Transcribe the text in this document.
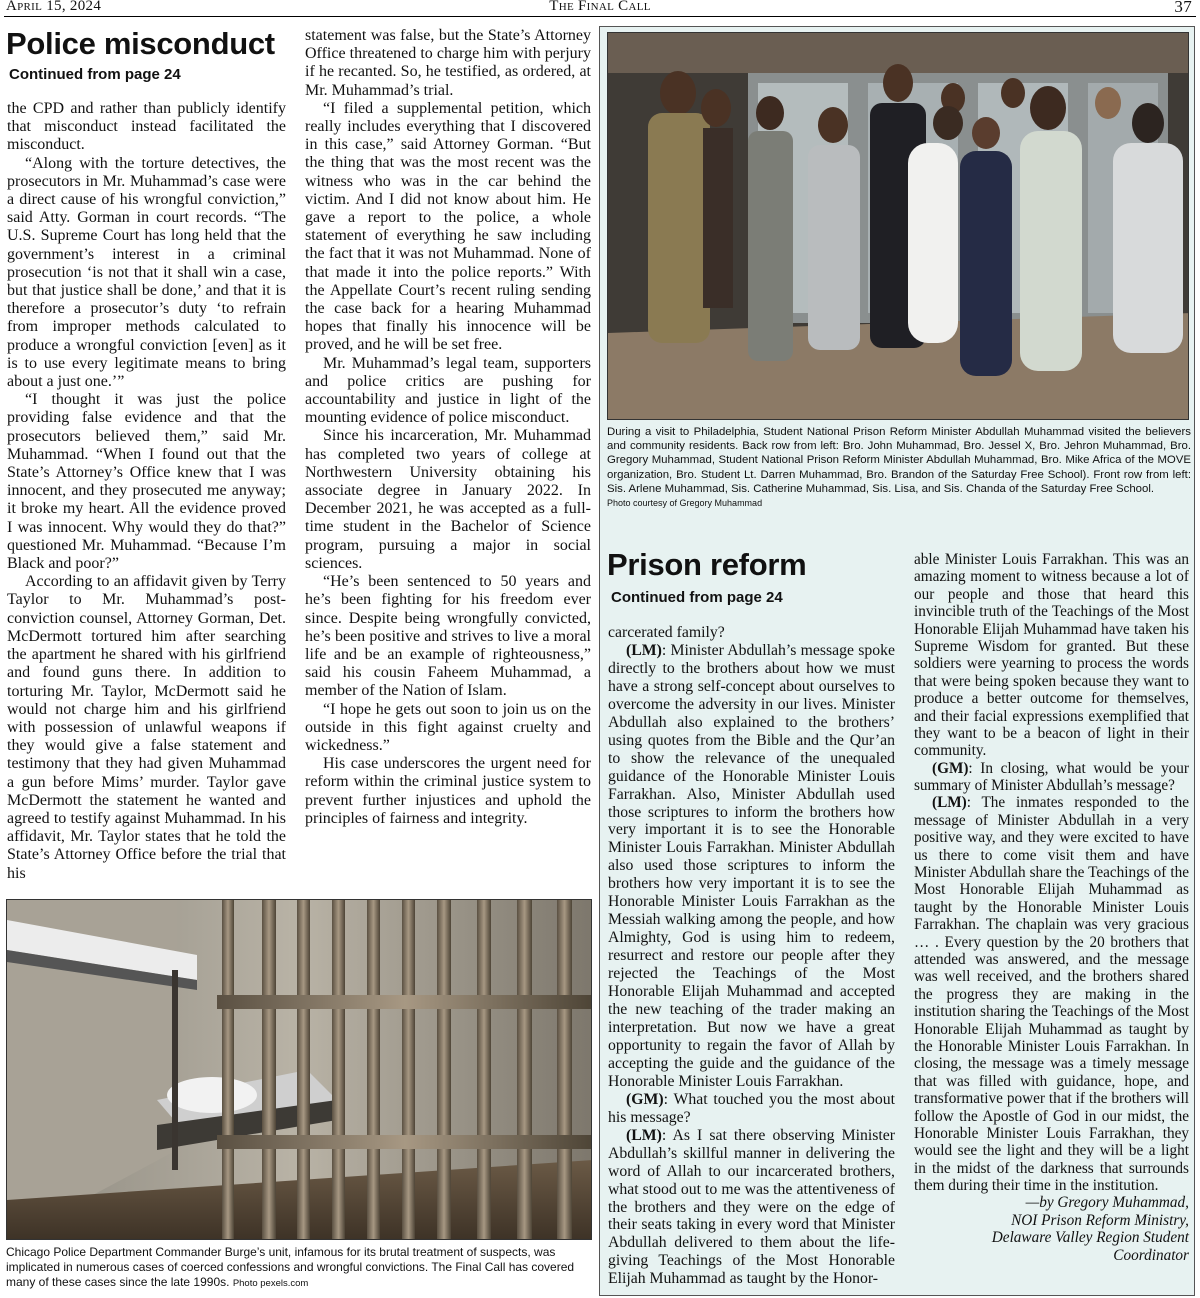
April 15, 2024	The Final Call	37
Police misconduct
Continued from page 24

the CPD and rather than publicly identify that misconduct instead facilitated the misconduct.

“Along with the torture detectives, the prosecutors in Mr. Muhammad’s case were a direct cause of his wrongful conviction,” said Atty. Gorman in court records. “The U.S. Supreme Court has long held that the government’s interest in a criminal prosecution ‘is not that it shall win a case, but that justice shall be done,’ and that it is therefore a prosecutor’s duty ‘to refrain from improper methods calculated to produce a wrongful conviction [even] as it is to use every legitimate means to bring about a just one.’”

“I thought it was just the police providing false evidence and that the prosecutors believed them,” said Mr. Muhammad. “When I found out that the State’s Attorney’s Office knew that I was innocent, and they prosecuted me anyway; it broke my heart. All the evidence proved I was innocent. Why would they do that?” questioned Mr. Muhammad. “Because I’m Black and poor?”

According to an affidavit given by Terry Taylor to Mr. Muhammad’s post-conviction counsel, Attorney Gorman, Det. McDermott tortured him after searching the apartment he shared with his girlfriend and found guns there. In addition to torturing Mr. Taylor, McDermott said he would not charge him and his girlfriend with possession of unlawful weapons if they would give a false statement and testimony that they had given Muhammad a gun before Mims’ murder. Taylor gave McDermott the statement he wanted and agreed to testify against Muhammad. In his affidavit, Mr. Taylor states that he told the State’s Attorney Office before the trial that his

statement was false, but the State’s Attorney Office threatened to charge him with perjury if he recanted. So, he testified, as ordered, at Mr. Muhammad’s trial.

“I filed a supplemental petition, which really includes everything that I discovered in this case,” said Attorney Gorman. “But the thing that was the most recent was the witness who was in the car behind the victim. And I did not know about him. He gave a report to the police, a whole statement of everything he saw including the fact that it was not Muhammad. None of that made it into the police reports.” With the Appellate Court’s recent ruling sending the case back for a hearing Muhammad hopes that finally his innocence will be proved, and he will be set free.

Mr. Muhammad’s legal team, supporters and police critics are pushing for accountability and justice in light of the mounting evidence of police misconduct.

Since his incarceration, Mr. Muhammad has completed two years of college at Northwestern University obtaining his associate degree in January 2022. In December 2021, he was accepted as a full-time student in the Bachelor of Science program, pursuing a major in social sciences.

“He’s been sentenced to 50 years and he’s been fighting for his freedom ever since. Despite being wrongfully convicted, he’s been positive and strives to live a moral life and be an example of righteousness,” said his cousin Faheem Muhammad, a member of the Nation of Islam.

“I hope he gets out soon to join us on the outside in this fight against cruelty and wickedness.”

His case underscores the urgent need for reform within the criminal justice system to prevent further injustices and uphold the principles of fairness and integrity.

Chicago Police Department Commander Burge’s unit, infamous for its brutal treatment of suspects, was implicated in numerous cases of coerced confessions and wrongful convictions. The Final Call has covered many of these cases since the late 1990s. Photo pexels.com
During a visit to Philadelphia, Student National Prison Reform Minister Abdullah Muhammad visited the believers and community residents. Back row from left: Bro. John Muhammad, Bro. Jessel X, Bro. Jehron Muhammad, Bro. Gregory Muhammad, Student National Prison Reform Minister Abdullah Muhammad, Bro. Mike Africa of the MOVE organization, Bro. Student Lt. Darren Muhammad, Bro. Brandon of the Saturday Free School). Front row from left: Sis. Arlene Muhammad, Sis. Catherine Muhammad, Sis. Lisa, and Sis. Chanda of the Saturday Free School.
Photo courtesy of Gregory Muhammad
Prison reform
Continued from page 24

carcerated family?

(LM): Minister Abdullah’s message spoke directly to the brothers about how we must have a strong self-concept about ourselves to overcome the adversity in our lives. Minister Abdullah also explained to the brothers’ using quotes from the Bible and the Qur’an to show the relevance of the unequaled guidance of the Honorable Minister Louis Farrakhan. Also, Minister Abdullah used those scriptures to inform the brothers how very important it is to see the Honorable Minister Louis Farrakhan. Minister Abdullah also used those scriptures to inform the brothers how very important it is to see the Honorable Minister Louis Farrakhan as the Messiah walking among the people, and how Almighty, God is using him to redeem, resurrect and restore our people after they rejected the Teachings of the Most Honorable Elijah Muhammad and accepted the new teaching of the trader making an interpretation. But now we have a great opportunity to regain the favor of Allah by accepting the guide and the guidance of the Honorable Minister Louis Farrakhan.

(GM): What touched you the most about his message?

(LM): As I sat there observing Minister Abdullah’s skillful manner in delivering the word of Allah to our incarcerated brothers, what stood out to me was the attentiveness of the brothers and they were on the edge of their seats taking in every word that Minister Abdullah delivered to them about the life-giving Teachings of the Most Honorable Elijah Muhammad as taught by the Honor-

able Minister Louis Farrakhan. This was an amazing moment to witness because a lot of our people and those that heard this invincible truth of the Teachings of the Most Honorable Elijah Muhammad have taken his Supreme Wisdom for granted. But these soldiers were yearning to process the words that were being spoken because they want to produce a better outcome for themselves, and their facial expressions exemplified that they want to be a beacon of light in their community.

(GM): In closing, what would be your summary of Minister Abdullah’s message?

(LM): The inmates responded to the message of Minister Abdullah in a very positive way, and they were excited to have us there to come visit them and have Minister Abdullah share the Teachings of the Most Honorable Elijah Muhammad as taught by the Honorable Minister Louis Farrakhan. The chaplain was very gracious … . Every question by the 20 brothers that attended was answered, and the message was well received, and the brothers shared the progress they are making in the institution sharing the Teachings of the Most Honorable Elijah Muhammad as taught by the Honorable Minister Louis Farrakhan. In closing, the message was a timely message that was filled with guidance, hope, and transformative power that if the brothers will follow the Apostle of God in our midst, the Honorable Minister Louis Farrakhan, they would see the light and they will be a light in the midst of the darkness that surrounds them during their time in the institution.

—by Gregory Muhammad,
NOI Prison Reform Ministry,
Delaware Valley Region Student
Coordinator
